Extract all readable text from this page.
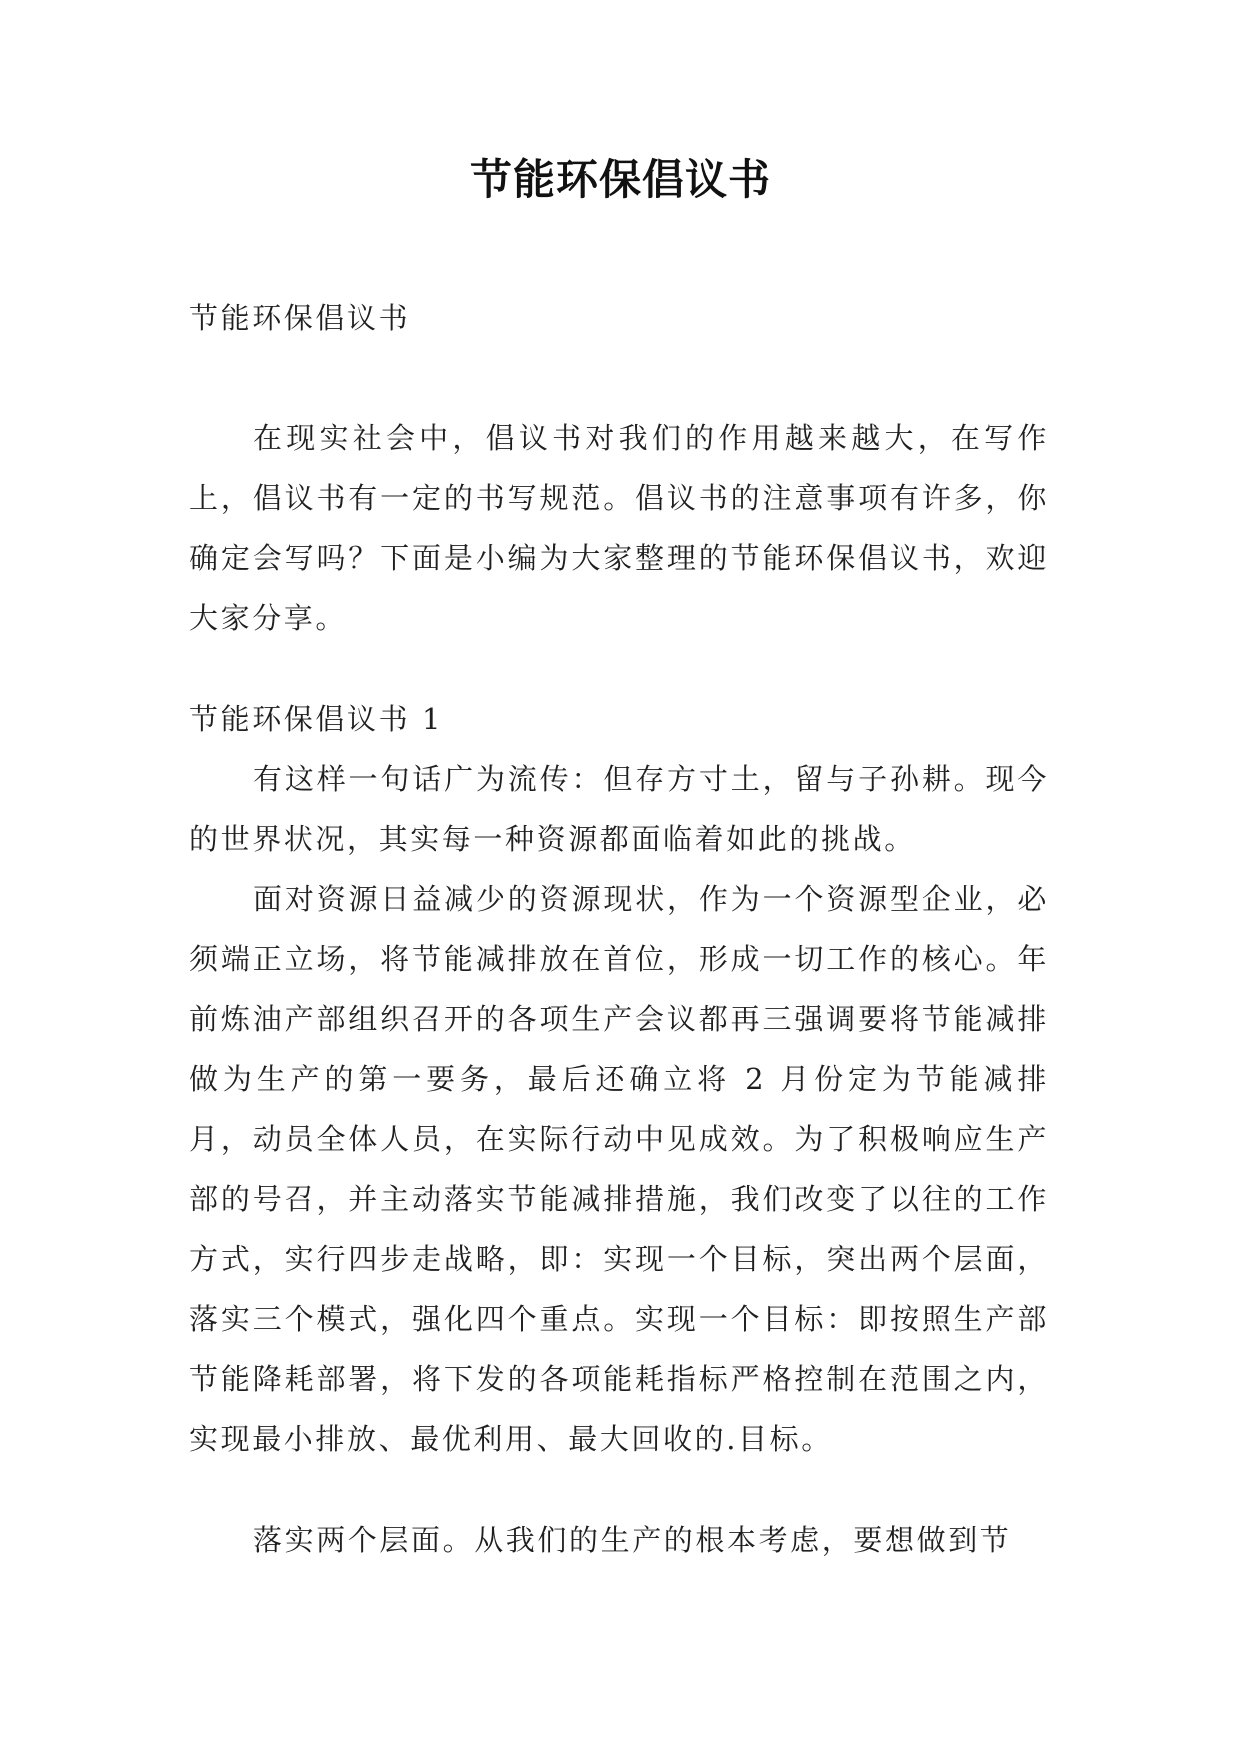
节能环保倡议书

节能环保倡议书

在现实社会中，倡议书对我们的作用越来越大，在写作上，倡议书有一定的书写规范。倡议书的注意事项有许多，你确定会写吗？下面是小编为大家整理的节能环保倡议书，欢迎大家分享。

节能环保倡议书 1

有这样一句话广为流传：但存方寸土，留与子孙耕。现今的世界状况，其实每一种资源都面临着如此的挑战。

面对资源日益减少的资源现状，作为一个资源型企业，必须端正立场，将节能减排放在首位，形成一切工作的核心。年前炼油产部组织召开的各项生产会议都再三强调要将节能减排做为生产的第一要务，最后还确立将 2 月份定为节能减排月，动员全体人员，在实际行动中见成效。为了积极响应生产部的号召，并主动落实节能减排措施，我们改变了以往的工作方式，实行四步走战略，即：实现一个目标，突出两个层面，落实三个模式，强化四个重点。实现一个目标：即按照生产部节能降耗部署，将下发的各项能耗指标严格控制在范围之内，实现最小排放、最优利用、最大回收的.目标。

落实两个层面。从我们的生产的根本考虑，要想做到节
